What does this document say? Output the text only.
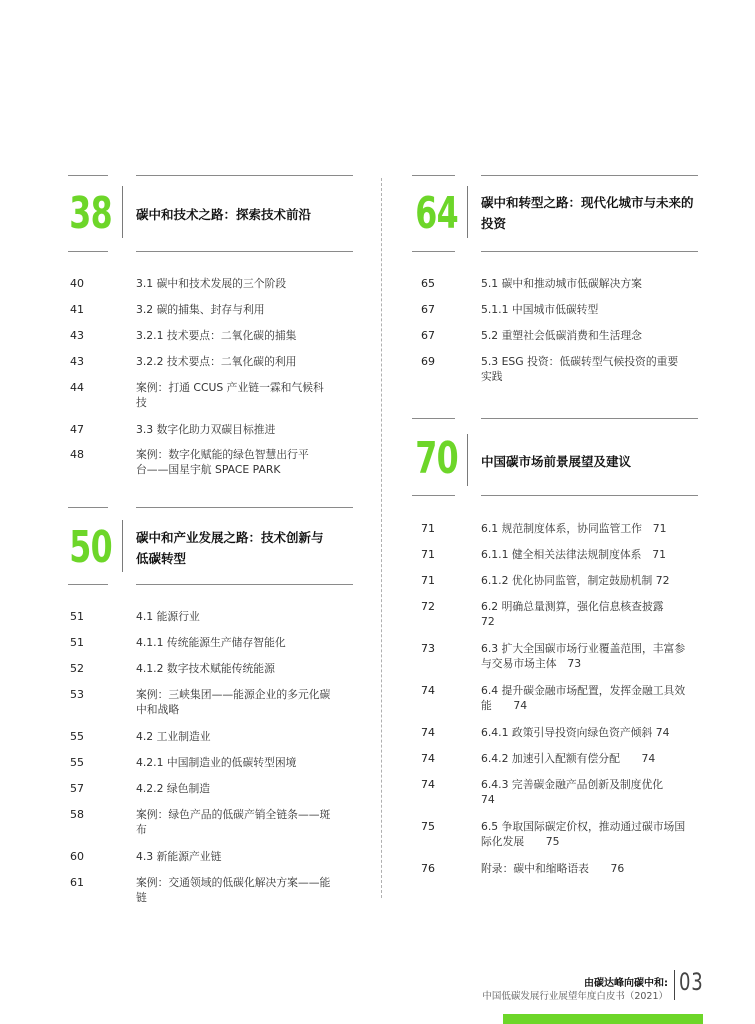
38 碳中和技术之路：探索技术前沿
50 碳中和产业发展之路：技术创新与
低碳转型
64 碳中和转型之路：现代化城市与未来的
投资
70 中国碳市场前景展望及建议
40	3.1 碳中和技术发展的三个阶段
41	3.2 碳的捕集、封存与利用
43	3.2.1 技术要点：二氧化碳的捕集
43	3.2.2 技术要点：二氧化碳的利用
44	案例：打通 CCUS 产业链一霖和气候科
技
47	3.3 数字化助力双碳目标推进
48	案例：数字化赋能的绿色智慧出行平
台——国星宇航 SPACE PARK
51	4.1 能源行业
51	4.1.1 传统能源生产储存智能化
52	4.1.2 数字技术赋能传统能源
53	案例：三峡集团——能源企业的多元化碳
中和战略
55	4.2 工业制造业
55	4.2.1 中国制造业的低碳转型困境
57	4.2.2 绿色制造
58	案例：绿色产品的低碳产销全链条——斑
布
60	4.3 新能源产业链
61	案例：交通领域的低碳化解决方案——能
链
65	5.1 碳中和推动城市低碳解决方案
67	5.1.1 中国城市低碳转型
67	5.2 重塑社会低碳消费和生活理念
69	5.3 ESG 投资：低碳转型气候投资的重要
实践
71	6.1 规范制度体系，协同监管工作　71
71	6.1.1 健全相关法律法规制度体系　71
71	6.1.2 优化协同监管，制定鼓励机制 72
72	6.2 明确总量测算，强化信息核查披露
72
73	6.3 扩大全国碳市场行业覆盖范围，丰富参
与交易市场主体　73
74	6.4 提升碳金融市场配置，发挥金融工具效
能　　74
74	6.4.1 政策引导投资向绿色资产倾斜 74
74	6.4.2 加速引入配额有偿分配　　74
74	6.4.3 完善碳金融产品创新及制度优化
74
75	6.5 争取国际碳定价权，推动通过碳市场国
际化发展　　75
76	附录：碳中和缩略语表　　76
由碳达峰向碳中和:
中国低碳发展行业展望年度白皮书（2021）
03
